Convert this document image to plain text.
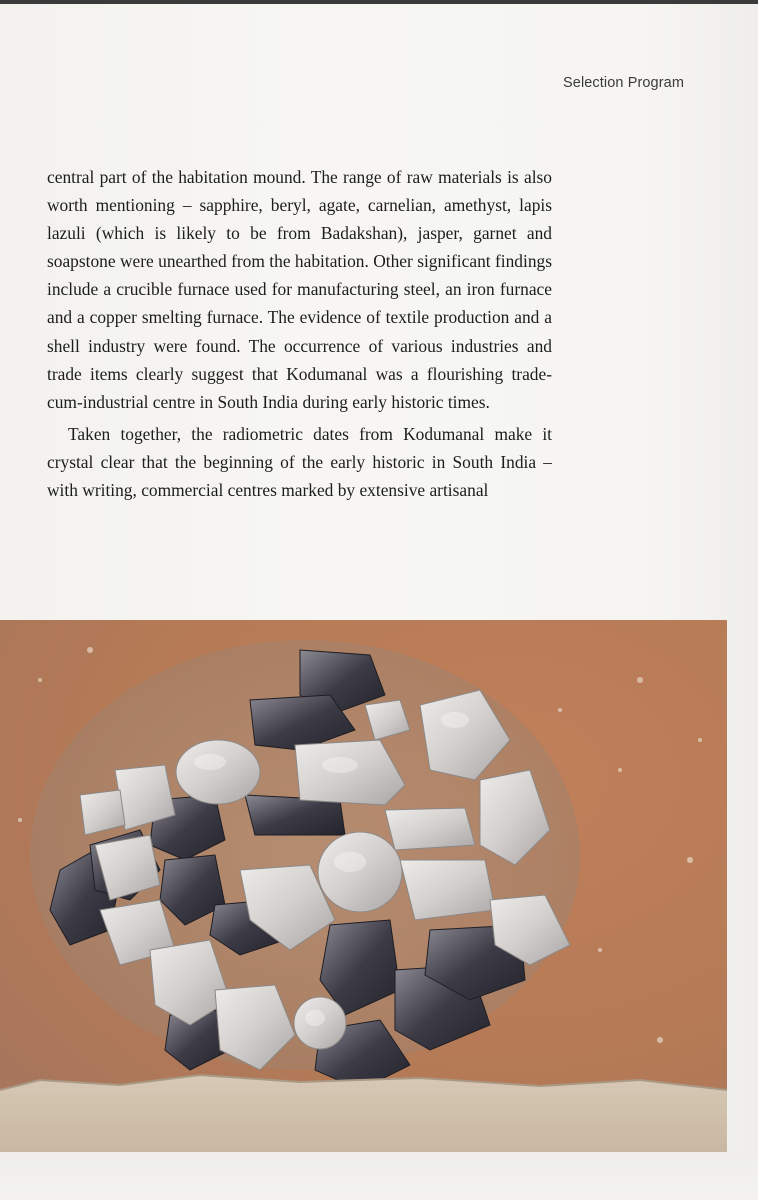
Selection Program

central part of the habitation mound. The range of raw materials is also worth mentioning – sapphire, beryl, agate, carnelian, amethyst, lapis lazuli (which is likely to be from Badakshan), jasper, garnet and soapstone were unearthed from the habitation. Other significant findings include a crucible furnace used for manufacturing steel, an iron furnace and a copper smelting furnace. The evidence of textile production and a shell industry were found. The occurrence of various industries and trade items clearly suggest that Kodumanal was a flourishing trade-cum-industrial centre in South India during early historic times.

Taken together, the radiometric dates from Kodumanal make it crystal clear that the beginning of the early historic in South India – with writing, commercial centres marked by extensive artisanal
